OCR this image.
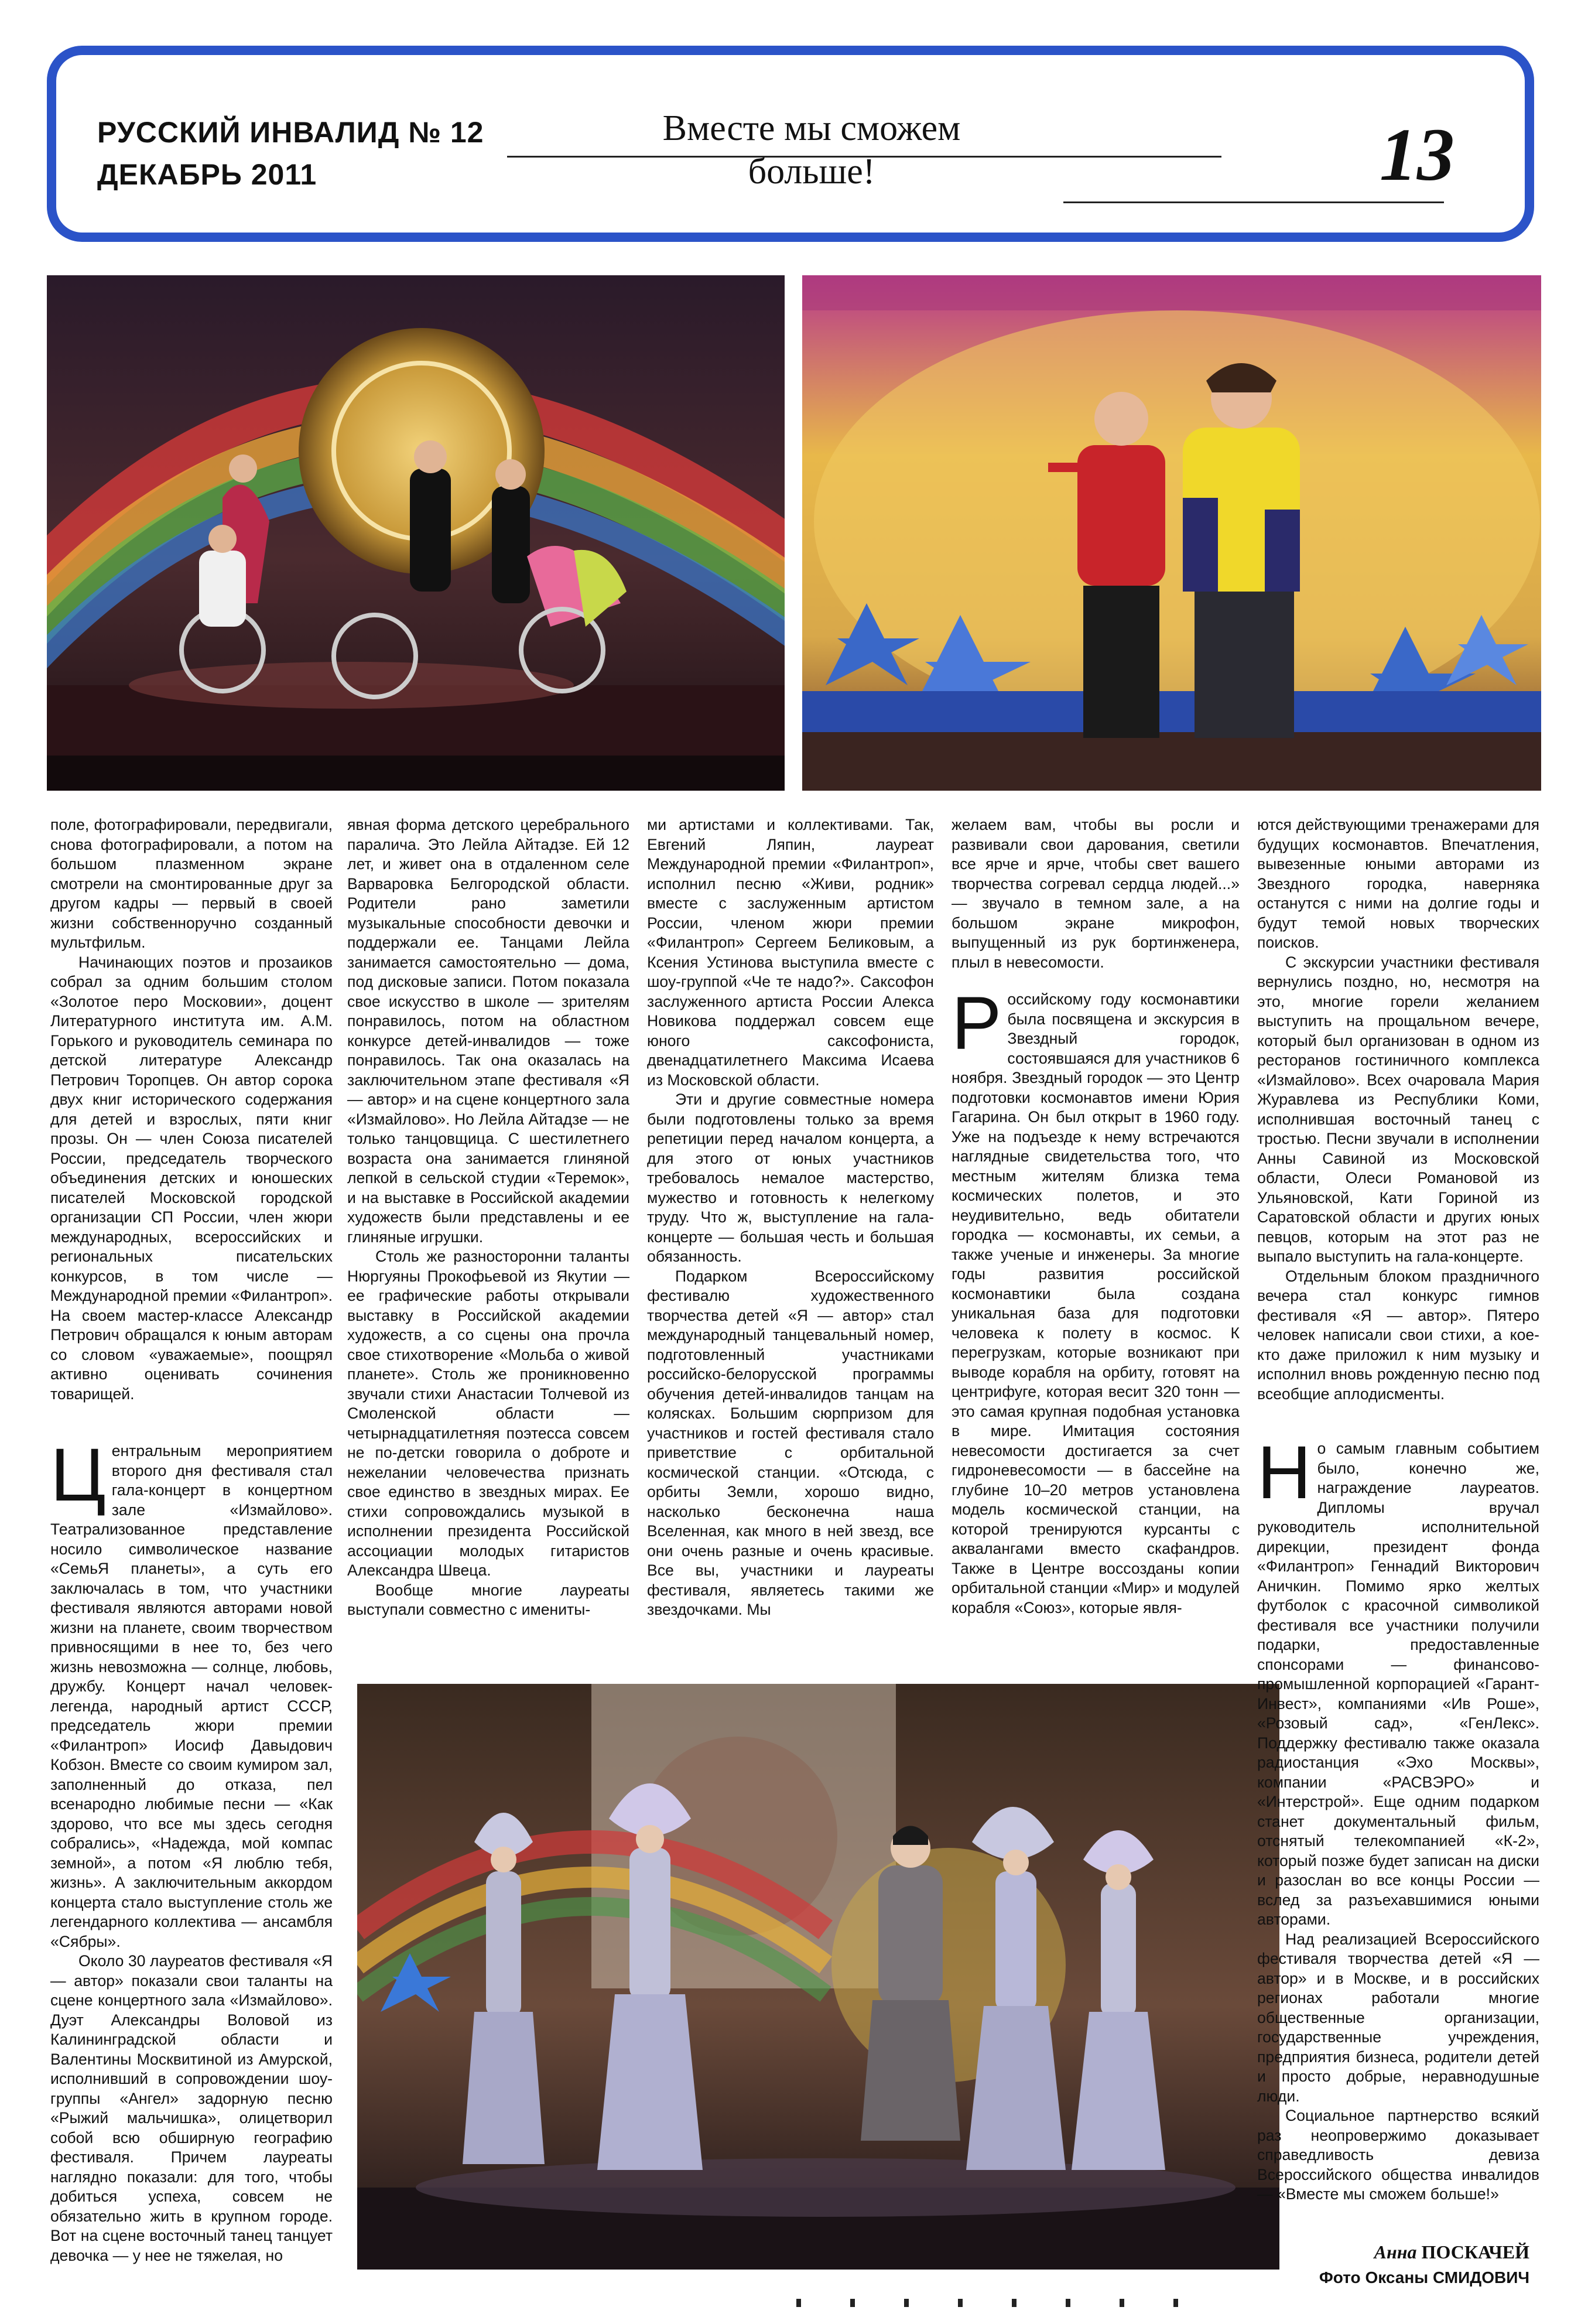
РУССКИЙ ИНВАЛИД № 12
ДЕКАБРЬ 2011
Вместе мы сможем
больше!	13

поле, фотографировали, передвигали, снова фотографировали, а потом на большом плазменном экране смотрели на смонтированные друг за другом кадры — первый в своей жизни собственноручно созданный мультфильм.

Начинающих поэтов и прозаиков собрал за одним большим столом «Золотое перо Московии», доцент Литературного института им. А.М. Горького и руководитель семинара по детской литературе Александр Петрович Торопцев. Он автор сорока двух книг исторического содержания для детей и взрослых, пяти книг прозы. Он — член Союза писателей России, председатель творческого объединения детских и юношеских писателей Московской городской организации СП России, член жюри международных, всероссийских и региональных писательских конкурсов, в том числе — Международной премии «Филантроп». На своем мастер-классе Александр Петрович обращался к юным авторам со словом «уважаемые», поощрял активно оценивать сочинения товарищей.

Центральным мероприятием второго дня фестиваля стал гала-концерт в концертном зале «Измайлово». Театрализованное представление носило символическое название «СемьЯ планеты», а суть его заключалась в том, что участники фестиваля являются авторами новой жизни на планете, своим творчеством привносящими в нее то, без чего жизнь невозможна — солнце, любовь, дружбу. Концерт начал человек-легенда, народный артист СССР, председатель жюри премии «Филантроп» Иосиф Давыдович Кобзон. Вместе со своим кумиром зал, заполненный до отказа, пел всенародно любимые песни — «Как здорово, что все мы здесь сегодня собрались», «Надежда, мой компас земной», а потом «Я люблю тебя, жизнь». А заключительным аккордом концерта стало выступление столь же легендарного коллектива — ансамбля «Сябры».

Около 30 лауреатов фестиваля «Я — автор» показали свои таланты на сцене концертного зала «Измайлово». Дуэт Александры Воловой из Калининградской области и Валентины Москвитиной из Амурской, исполнивший в сопровождении шоу-группы «Ангел» задорную песню «Рыжий мальчишка», олицетворил собой всю обширную географию фестиваля. Причем лауреаты наглядно показали: для того, чтобы добиться успеха, совсем не обязательно жить в крупном городе. Вот на сцене восточный танец танцует девочка — у нее не тяжелая, но

явная форма детского церебрального паралича. Это Лейла Айтадзе. Ей 12 лет, и живет она в отдаленном селе Варваровка Белгородской области. Родители рано заметили музыкальные способности девочки и поддержали ее. Танцами Лейла занимается самостоятельно — дома, под дисковые записи. Потом показала свое искусство в школе — зрителям понравилось, потом на областном конкурсе детей-инвалидов — тоже понравилось. Так она оказалась на заключительном этапе фестиваля «Я — автор» и на сцене концертного зала «Измайлово». Но Лейла Айтадзе — не только танцовщица. С шестилетнего возраста она занимается глиняной лепкой в сельской студии «Теремок», и на выставке в Российской академии художеств были представлены и ее глиняные игрушки.

Столь же разносторонни таланты Нюргуяны Прокофьевой из Якутии — ее графические работы открывали выставку в Российской академии художеств, а со сцены она прочла свое стихотворение «Мольба о живой планете». Столь же проникновенно звучали стихи Анастасии Толчевой из Смоленской области — четырнадцатилетняя поэтесса совсем не по-детски говорила о доброте и нежелании человечества признать свое единство в звездных мирах. Ее стихи сопровождались музыкой в исполнении президента Российской ассоциации молодых гитаристов Александра Швеца.

Вообще многие лауреаты выступали совместно с имениты-

ми артистами и коллективами. Так, Евгений Ляпин, лауреат Международной премии «Филантроп», исполнил песню «Живи, родник» вместе с заслуженным артистом России, членом жюри премии «Филантроп» Сергеем Беликовым, а Ксения Устинова выступила вместе с шоу-группой «Че те надо?». Саксофон заслуженного артиста России Алекса Новикова поддержал совсем еще юного саксофониста, двенадцатилетнего Максима Исаева из Московской области.

Эти и другие совместные номера были подготовлены только за время репетиции перед началом концерта, а для этого от юных участников требовалось немалое мастерство, мужество и готовность к нелегкому труду. Что ж, выступление на гала-концерте — большая честь и большая обязанность.

Подарком Всероссийскому фестивалю художественного творчества детей «Я — автор» стал международный танцевальный номер, подготовленный участниками российско-белорусской программы обучения детей-инвалидов танцам на колясках. Большим сюрпризом для участников и гостей фестиваля стало приветствие с орбитальной космической станции. «Отсюда, с орбиты Земли, хорошо видно, насколько бесконечна наша Вселенная, как много в ней звезд, все они очень разные и очень красивые. Все вы, участники и лауреаты фестиваля, являетесь такими же звездочками. Мы

желаем вам, чтобы вы росли и развивали свои дарования, светили все ярче и ярче, чтобы свет вашего творчества согревал сердца людей...» — звучало в темном зале, а на большом экране микрофон, выпущенный из рук бортинженера, плыл в невесомости.

Российскому году космонавтики была посвящена и экскурсия в Звездный городок, состоявшаяся для участников 6 ноября. Звездный городок — это Центр подготовки космонавтов имени Юрия Гагарина. Он был открыт в 1960 году. Уже на подъезде к нему встречаются наглядные свидетельства того, что местным жителям близка тема космических полетов, и это неудивительно, ведь обитатели городка — космонавты, их семьи, а также ученые и инженеры. За многие годы развития российской космонавтики была создана уникальная база для подготовки человека к полету в космос. К перегрузкам, которые возникают при выводе корабля на орбиту, готовят на центрифуге, которая весит 320 тонн — это самая крупная подобная установка в мире. Имитация состояния невесомости достигается за счет гидроневесомости — в бассейне на глубине 10–20 метров установлена модель космической станции, на которой тренируются курсанты с аквалангами вместо скафандров. Также в Центре воссозданы копии орбитальной станции «Мир» и модулей корабля «Союз», которые явля-

ются действующими тренажерами для будущих космонавтов. Впечатления, вывезенные юными авторами из Звездного городка, наверняка останутся с ними на долгие годы и будут темой новых творческих поисков.

С экскурсии участники фестиваля вернулись поздно, но, несмотря на это, многие горели желанием выступить на прощальном вечере, который был организован в одном из ресторанов гостиничного комплекса «Измайлово». Всех очаровала Мария Журавлева из Республики Коми, исполнившая восточный танец с тростью. Песни звучали в исполнении Анны Савиной из Московской области, Олеси Романовой из Ульяновской, Кати Гориной из Саратовской области и других юных певцов, которым на этот раз не выпало выступить на гала-концерте.

Отдельным блоком праздничного вечера стал конкурс гимнов фестиваля «Я — автор». Пятеро человек написали свои стихи, а кое-кто даже приложил к ним музыку и исполнил вновь рожденную песню под всеобщие аплодисменты.

Но самым главным событием было, конечно же, награждение лауреатов. Дипломы вручал руководитель исполнительной дирекции, президент фонда «Филантроп» Геннадий Викторович Аничкин. Помимо ярко желтых футболок с красочной символикой фестиваля все участники получили подарки, предоставленные спонсорами — финансово-промышленной корпорацией «Гарант-Инвест», компаниями «Ив Роше», «Розовый сад», «ГенЛекс». Поддержку фестивалю также оказала радиостанция «Эхо Москвы», компании «РАСВЭРО» и «Интерстрой». Еще одним подарком станет документальный фильм, отснятый телекомпанией «К-2», который позже будет записан на диски и разослан во все концы России — вслед за разъехавшимися юными авторами.

Над реализацией Всероссийского фестиваля творчества детей «Я — автор» и в Москве, и в российских регионах работали многие общественные организации, государственные учреждения, предприятия бизнеса, родители детей и просто добрые, неравнодушные люди.

Социальное партнерство всякий раз неопровержимо доказывает справедливость девиза Всероссийского общества инвалидов — «Вместе мы сможем больше!»

Анна ПОСКАЧЕЙ
Фото Оксаны СМИДОВИЧ
